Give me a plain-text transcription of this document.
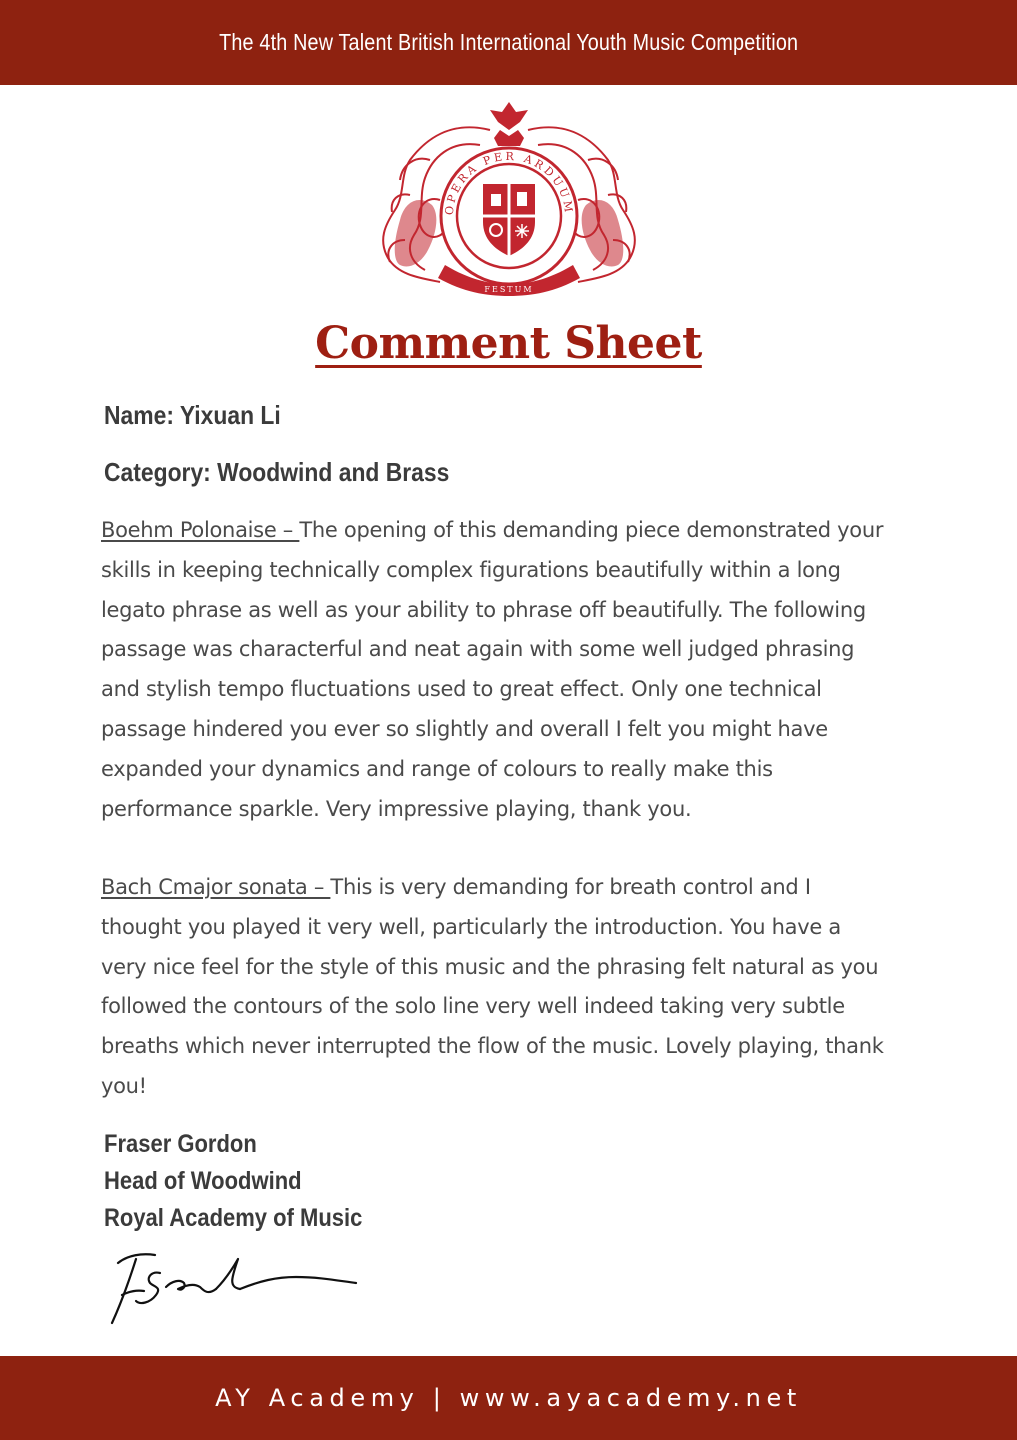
The 4th New Talent British International Youth Music Competition
OPERA PER ARDUUM
FESTUM
Comment Sheet
Name: Yixuan Li
Category: Woodwind and Brass
Boehm Polonaise – The opening of this demanding piece demonstrated your skills in keeping technically complex figurations beautifully within a long legato phrase as well as your ability to phrase off beautifully. The following passage was characterful and neat again with some well judged phrasing and stylish tempo fluctuations used to great effect. Only one technical passage hindered you ever so slightly and overall I felt you might have expanded your dynamics and range of colours to really make this performance sparkle. Very impressive playing, thank you.
Bach Cmajor sonata – This is very demanding for breath control and I thought you played it very well, particularly the introduction. You have a very nice feel for the style of this music and the phrasing felt natural as you followed the contours of the solo line very well indeed taking very subtle breaths which never interrupted the flow of the music. Lovely playing, thank you!
Fraser Gordon
Head of Woodwind
Royal Academy of Music
AY Academy | www.ayacademy.net
